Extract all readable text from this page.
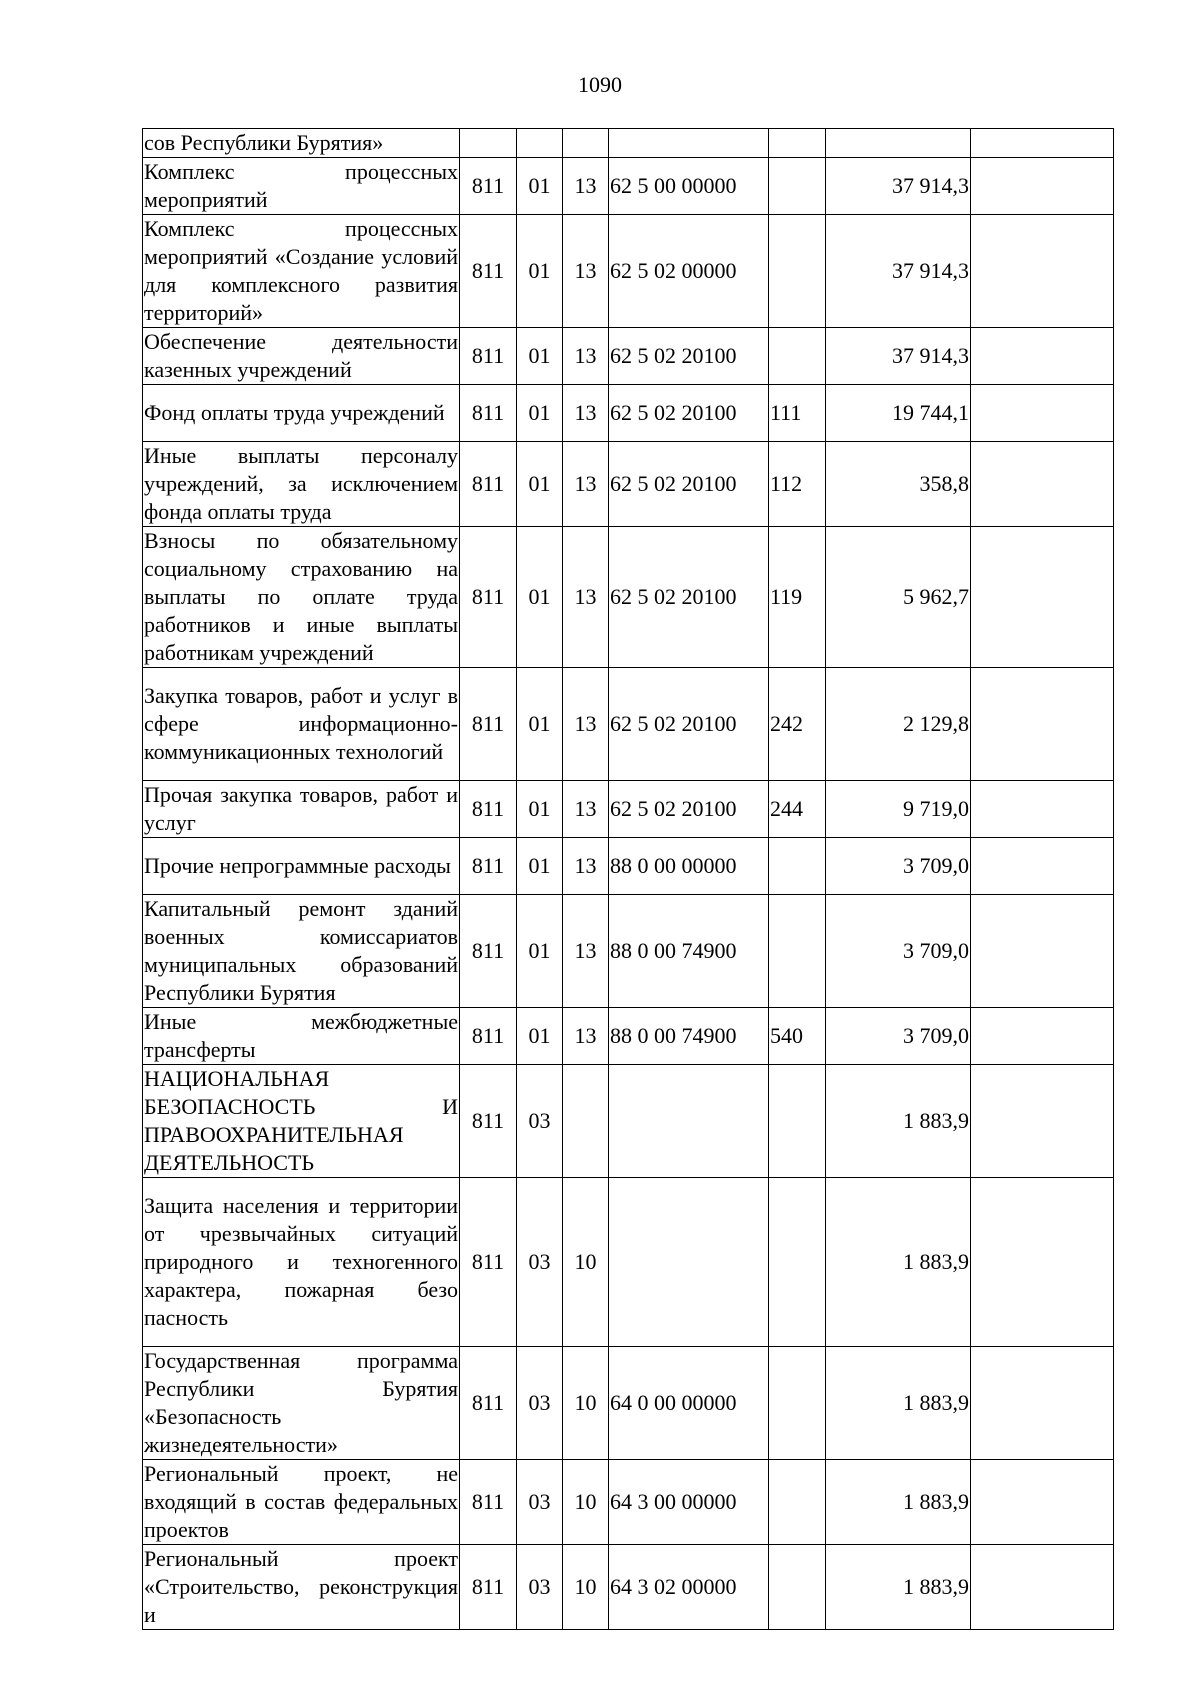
1090
сов Республики Бурятия»							
Комплекс процессных мероприятий	811	01	13	62 5 00 00000		37 914,3	
Комплекс процессных мероприятий «Создание условий для комплексного развития территорий»	811	01	13	62 5 02 00000		37 914,3	
Обеспечение деятельности казенных учреждений	811	01	13	62 5 02 20100		37 914,3	
Фонд оплаты труда учреждений	811	01	13	62 5 02 20100	111	19 744,1	
Иные выплаты персоналу учреждений, за исключением фонда оплаты труда	811	01	13	62 5 02 20100	112	358,8	
Взносы по обязательному социальному страхованию на выплаты по оплате труда работников и иные выплаты работникам учреждений	811	01	13	62 5 02 20100	119	5 962,7	
Закупка товаров, работ и услуг в сфере информационно-коммуникационных технологий	811	01	13	62 5 02 20100	242	2 129,8	
Прочая закупка товаров, работ и услуг	811	01	13	62 5 02 20100	244	9 719,0	
Прочие непрограммные расходы	811	01	13	88 0 00 00000		3 709,0	
Капитальный ремонт зданий военных комиссариатов муниципальных образований Республики Бурятия	811	01	13	88 0 00 74900		3 709,0	
Иные межбюджетные трансферты	811	01	13	88 0 00 74900	540	3 709,0	
НАЦИОНАЛЬНАЯ БЕЗОПАСНОСТЬ И ПРАВООХРАНИТЕЛЬНАЯ ДЕЯТЕЛЬНОСТЬ	811	03				1 883,9	
Защита населения и территории от чрезвычайных ситуаций природного и техногенного характера, пожарная безо пасность	811	03	10			1 883,9	
Государственная программа Республики Бурятия «Безопасность жизнедеятельности»	811	03	10	64 0 00 00000		1 883,9	
Региональный проект, не входящий в состав федеральных проектов	811	03	10	64 3 00 00000		1 883,9	
Региональный проект «Строительство, реконструкция и	811	03	10	64 3 02 00000		1 883,9	
